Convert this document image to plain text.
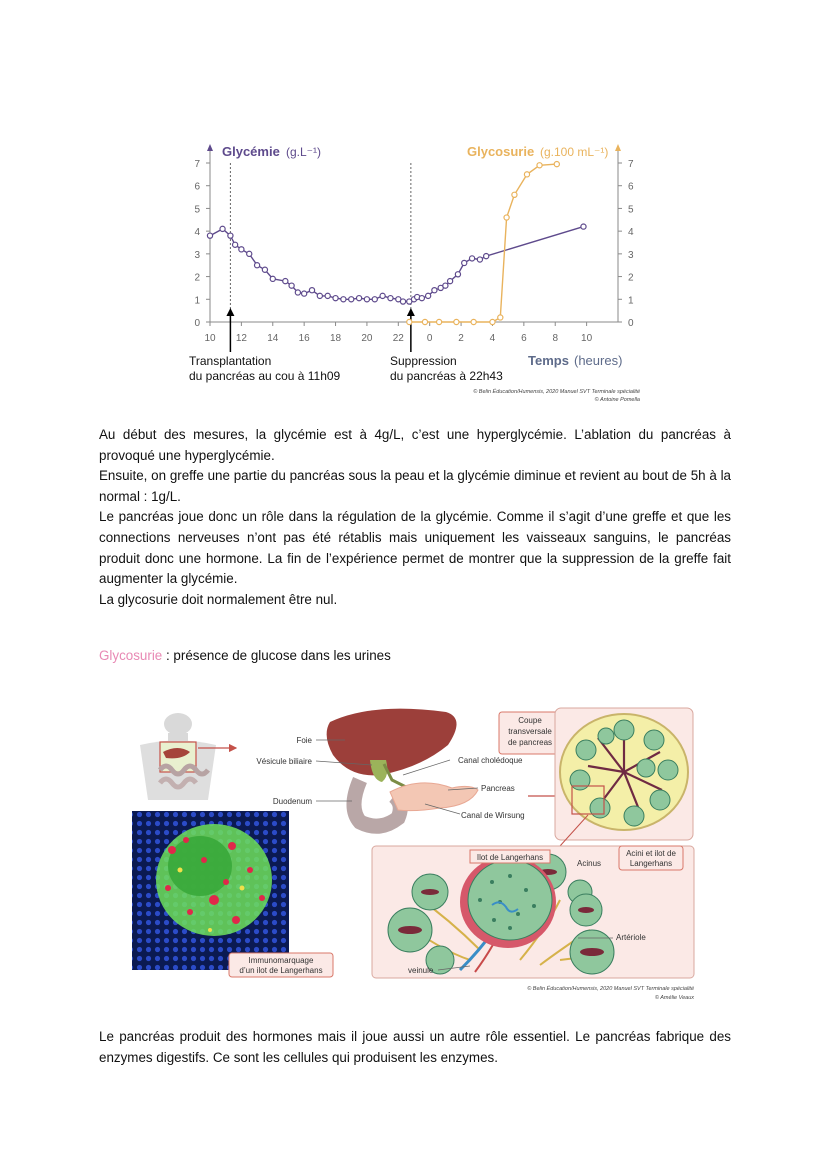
0	0
1	1
2	2
3	3
4	4
5	5
6	6
7	7
10 12 14 16 18 20 22 0	2	4	6	8 10
Glycémie (g.L⁻¹)	Glycosurie (g.100 mL⁻¹)
Temps (heures)
Transplantation
du pancréas au cou à 11h09
Suppression
du pancréas à 22h43
© Belin Éducation/Humensis, 2020 Manuel SVT Terminale spécialité
© Antoine Pomella

Au début des mesures, la glycémie est à 4g/L, c’est une hyperglycémie. L’ablation du pancréas à provoqué une hyperglycémie.

Ensuite, on greffe une partie du pancréas sous la peau et la glycémie diminue et revient au bout de 5h à la normal : 1g/L.

Le pancréas joue donc un rôle dans la régulation de la glycémie. Comme il s’agit d’une greffe et que les connections nerveuses n’ont pas été rétablis mais uniquement les vaisseaux sanguins, le pancréas produit donc une hormone. La fin de l’expérience permet de montrer que la suppression de la greffe fait augmenter la glycémie.

La glycosurie doit normalement être nul.

Glycosurie : présence de glucose dans les urines
Foie
Vésicule biliaire
Duodenum
Canal cholédoque
Pancreas
Canal de Wirsung
Coupe
transversale
de pancreas
Acini et ilot de
Langerhans
Ilot de Langerhans
Acinus
Artériole
veinule
Immunomarquage
d’un ilot de Langerhans
© Belin Éducation/Humensis, 2020 Manuel SVT Terminale spécialité
© Amélie Veaux

Le pancréas produit des hormones mais il joue aussi un autre rôle essentiel. Le pancréas fabrique des enzymes digestifs. Ce sont les cellules qui produisent les enzymes.
